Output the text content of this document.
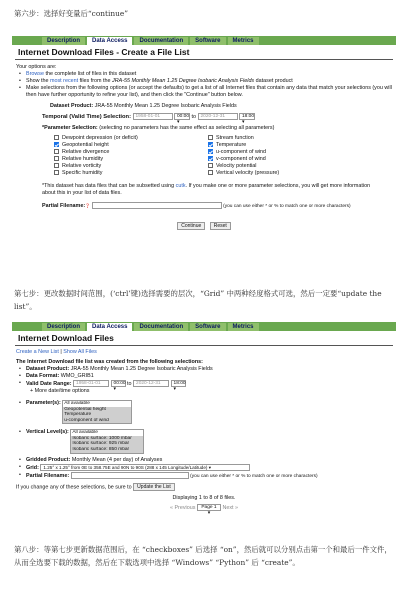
第六步：选择好变量后“continue”
Description	Data Access	Documentation	Software	Metrics
Internet Download Files - Create a File List
Your options are:
• Browse the complete list of files in this dataset
• Show the most recent files from the JRA-55 Monthly Mean 1.25 Degree Isobaric Analysis Fields dataset product
• Make selections from the following options (or accept the defaults) to get a list of all Internet files that contain any data that match your selections (you will then have further opportunity to refine your list), and then click the "Continue" button below.
Dataset Product: JRA-55 Monthly Mean 1.25 Degree Isobaric Analysis Fields
Temporal (Valid Time) Selection: 1958-01-01	00:00 ▾ to 2020-12-31	18:00 ▾
*Parameter Selection: (selecting no parameters has the same effect as selecting all parameters)
Dewpoint depression (or deficit)
Geopotential height
Relative divergence
Relative humidity
Relative vorticity
Specific humidity
Stream function
Temperature
u-component of wind
v-component of wind
Velocity potential
Vertical velocity (pressure)
*This dataset has data files that can be subsetted using cutk. If you make one or more parameter selections, you will get more information about this in your list of data files.
Partial Filename:❓	(you can use either * or % to match one or more characters)
Continue Reset
第七步：更改数据时间范围，(‘ctrl’键)选择需要的层次，“Grid” 中两种经度格式可选，然后一定要“update the list”。
Description	Data Access	Documentation	Software	Metrics
Internet Download Files
Create a New List | Show All Files
The Internet Download file list was created from the following selections:
• Dataset Product: JRA-55 Monthly Mean 1.25 Degree Isobaric Analysis Fields
• Data Format: WMO_GRIB1
• Valid Date Range: 1958-01-01	00:00 ▾ to 2020-12-31	18:00 ▾
+ More date/time options
• Parameter(s): All available
Geopotential height
Temperature
u-component of wind
• Vertical Level(s): All available
Isobaric surface: 1000 mbar
Isobaric surface: 925 mbar
Isobaric surface: 850 mbar
• Gridded Product: Monthly Mean (4 per day) of Analyses
• Grid: 1.25° x 1.25° from 0E to 358.75E and 90N to 90S (288 x 145 Longitude/Latitude) ▾
• Partial Filename:	(you can use either * or % to match one or more characters)
If you change any of these selections, be sure to Update the List
Displaying 1 to 8 of 8 files.
« Previous Page 1 ▾ Next »
第八步：等第七步更新数据范围后，在 “checkboxes” 后选择 “on”，然后就可以分别点击第一个和最后一件文件，从而全选要下载的数据，然后在下载选项中选择 “Windows” “Python” 后 “create”。
